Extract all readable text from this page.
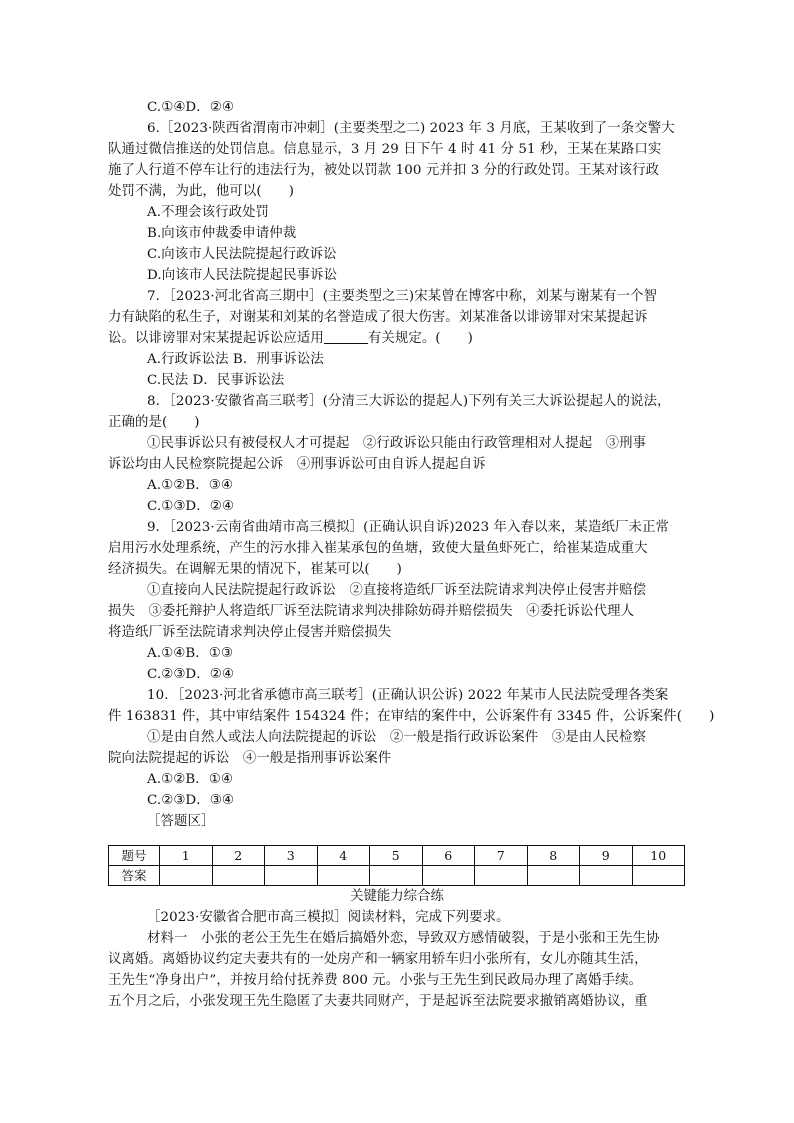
C.①④D．②④
6.［2023·陕西省渭南市冲刺］(主要类型之二) 2023 年 3 月底，王某收到了一条交警大
队通过微信推送的处罚信息。信息显示，3 月 29 日下午 4 时 41 分 51 秒，王某在某路口实
施了人行道不停车让行的违法行为，被处以罚款 100 元并扣 3 分的行政处罚。王某对该行政
处罚不满，为此，他可以(　　)
A.不理会该行政处罚
B.向该市仲裁委申请仲裁
C.向该市人民法院提起行政诉讼
D.向该市人民法院提起民事诉讼
7．［2023·河北省高三期中］(主要类型之三)宋某曾在博客中称，刘某与谢某有一个智
力有缺陷的私生子，对谢某和刘某的名誉造成了很大伤害。刘某准备以诽谤罪对宋某提起诉
讼。以诽谤罪对宋某提起诉讼应适用	有关规定。(　　)
A.行政诉讼法 B．刑事诉讼法
C.民法 D．民事诉讼法
8．［2023·安徽省高三联考］(分清三大诉讼的提起人)下列有关三大诉讼提起人的说法，
正确的是(　　)
①民事诉讼只有被侵权人才可提起　②行政诉讼只能由行政管理相对人提起　③刑事
诉讼均由人民检察院提起公诉　④刑事诉讼可由自诉人提起自诉
A.①②B．③④
C.①③D．②④
9．［2023·云南省曲靖市高三模拟］(正确认识自诉)2023 年入春以来，某造纸厂未正常
启用污水处理系统，产生的污水排入崔某承包的鱼塘，致使大量鱼虾死亡，给崔某造成重大
经济损失。在调解无果的情况下，崔某可以(　　)
①直接向人民法院提起行政诉讼　②直接将造纸厂诉至法院请求判决停止侵害并赔偿
损失　③委托辩护人将造纸厂诉至法院请求判决排除妨碍并赔偿损失　④委托诉讼代理人
将造纸厂诉至法院请求判决停止侵害并赔偿损失
A.①④B．①③
C.②③D．②④
10．［2023·河北省承德市高三联考］(正确认识公诉) 2022 年某市人民法院受理各类案
件 163831 件，其中审结案件 154324 件；在审结的案件中，公诉案件有 3345 件，公诉案件(　　)
①是由自然人或法人向法院提起的诉讼　②一般是指行政诉讼案件　③是由人民检察
院向法院提起的诉讼　④一般是指刑事诉讼案件
A.①②B．①④
C.②③D．③④
［答题区］
题号	1	2	3	4	5	6	7	8	9	10
答案										
关键能力综合练
［2023·安徽省合肥市高三模拟］阅读材料，完成下列要求。
材料一　小张的老公王先生在婚后搞婚外恋，导致双方感情破裂，于是小张和王先生协
议离婚。离婚协议约定夫妻共有的一处房产和一辆家用轿车归小张所有，女儿亦随其生活，
王先生“净身出户”，并按月给付抚养费 800 元。小张与王先生到民政局办理了离婚手续。
五个月之后，小张发现王先生隐匿了夫妻共同财产，于是起诉至法院要求撤销离婚协议，重
